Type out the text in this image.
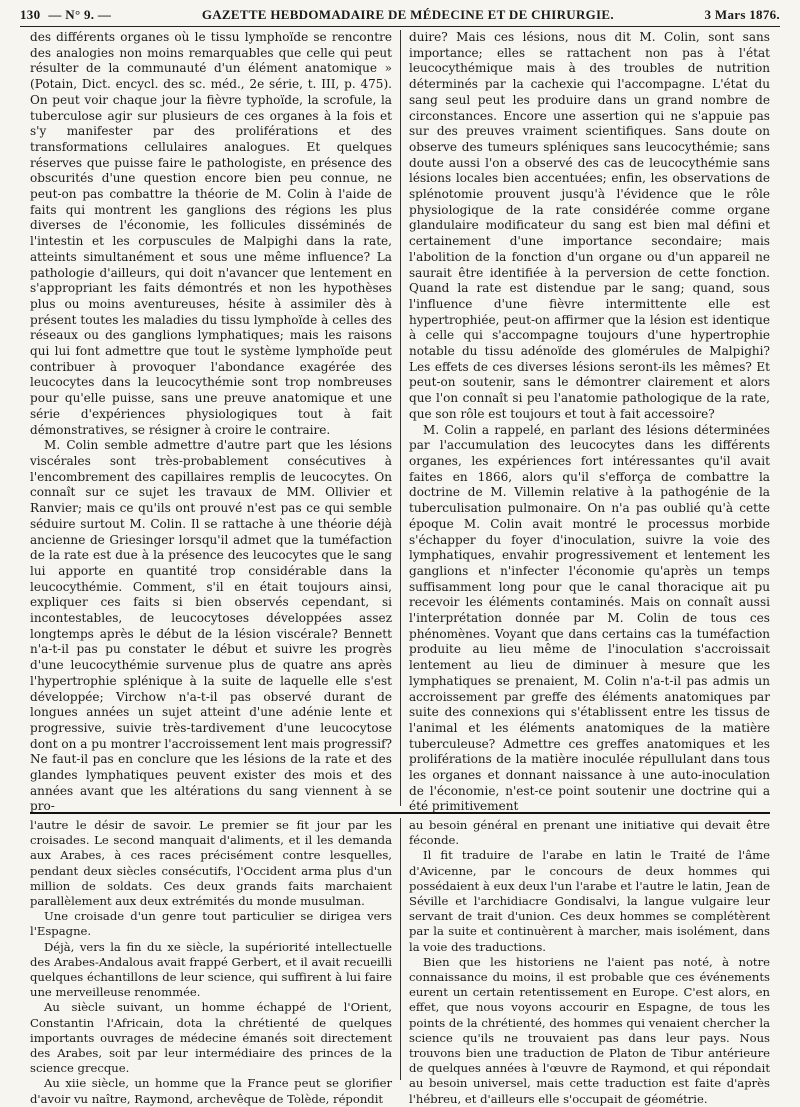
130 — N° 9. —	GAZETTE HEBDOMADAIRE DE MÉDECINE ET DE CHIRURGIE.	3 Mars 1876.

des différents organes où le tissu lymphoïde se rencontre des analogies non moins remarquables que celle qui peut résulter de la communauté d'un élément anatomique » (Potain, Dict. encycl. des sc. méd., 2e série, t. III, p. 475). On peut voir chaque jour la fièvre typhoïde, la scrofule, la tuberculose agir sur plusieurs de ces organes à la fois et s'y manifester par des proliférations et des transformations cellulaires analogues. Et quelques réserves que puisse faire le pathologiste, en présence des obscurités d'une question encore bien peu connue, ne peut-on pas combattre la théorie de M. Colin à l'aide de faits qui montrent les ganglions des régions les plus diverses de l'économie, les follicules disséminés de l'intestin et les corpuscules de Malpighi dans la rate, atteints simultanément et sous une même influence? La pathologie d'ailleurs, qui doit n'avancer que lentement en s'appropriant les faits démontrés et non les hypothèses plus ou moins aventureuses, hésite à assimiler dès à présent toutes les maladies du tissu lymphoïde à celles des réseaux ou des ganglions lymphatiques; mais les raisons qui lui font admettre que tout le système lymphoïde peut contribuer à provoquer l'abondance exagérée des leucocytes dans la leucocythémie sont trop nombreuses pour qu'elle puisse, sans une preuve anatomique et une série d'expériences physiologiques tout à fait démonstratives, se résigner à croire le contraire.

M. Colin semble admettre d'autre part que les lésions viscérales sont très-probablement consécutives à l'encombrement des capillaires remplis de leucocytes. On connaît sur ce sujet les travaux de MM. Ollivier et Ranvier; mais ce qu'ils ont prouvé n'est pas ce qui semble séduire surtout M. Colin. Il se rattache à une théorie déjà ancienne de Griesinger lorsqu'il admet que la tuméfaction de la rate est due à la présence des leucocytes que le sang lui apporte en quantité trop considérable dans la leucocythémie. Comment, s'il en était toujours ainsi, expliquer ces faits si bien observés cependant, si incontestables, de leucocytoses développées assez longtemps après le début de la lésion viscérale? Bennett n'a-t-il pas pu constater le début et suivre les progrès d'une leucocythémie survenue plus de quatre ans après l'hypertrophie splénique à la suite de laquelle elle s'est développée; Virchow n'a-t-il pas observé durant de longues années un sujet atteint d'une adénie lente et progressive, suivie très-tardivement d'une leucocytose dont on a pu montrer l'accroissement lent mais progressif? Ne faut-il pas en conclure que les lésions de la rate et des glandes lymphatiques peuvent exister des mois et des années avant que les altérations du sang viennent à se pro-

duire? Mais ces lésions, nous dit M. Colin, sont sans importance; elles se rattachent non pas à l'état leucocythémique mais à des troubles de nutrition déterminés par la cachexie qui l'accompagne. L'état du sang seul peut les produire dans un grand nombre de circonstances. Encore une assertion qui ne s'appuie pas sur des preuves vraiment scientifiques. Sans doute on observe des tumeurs spléniques sans leucocythémie; sans doute aussi l'on a observé des cas de leucocythémie sans lésions locales bien accentuées; enfin, les observations de splénotomie prouvent jusqu'à l'évidence que le rôle physiologique de la rate considérée comme organe glandulaire modificateur du sang est bien mal défini et certainement d'une importance secondaire; mais l'abolition de la fonction d'un organe ou d'un appareil ne saurait être identifiée à la perversion de cette fonction. Quand la rate est distendue par le sang; quand, sous l'influence d'une fièvre intermittente elle est hypertrophiée, peut-on affirmer que la lésion est identique à celle qui s'accompagne toujours d'une hypertrophie notable du tissu adénoïde des glomérules de Malpighi? Les effets de ces diverses lésions seront-ils les mêmes? Et peut-on soutenir, sans le démontrer clairement et alors que l'on connaît si peu l'anatomie pathologique de la rate, que son rôle est toujours et tout à fait accessoire?

M. Colin a rappelé, en parlant des lésions déterminées par l'accumulation des leucocytes dans les différents organes, les expériences fort intéressantes qu'il avait faites en 1866, alors qu'il s'efforça de combattre la doctrine de M. Villemin relative à la pathogénie de la tuberculisation pulmonaire. On n'a pas oublié qu'à cette époque M. Colin avait montré le processus morbide s'échapper du foyer d'inoculation, suivre la voie des lymphatiques, envahir progressivement et lentement les ganglions et n'infecter l'économie qu'après un temps suffisamment long pour que le canal thoracique ait pu recevoir les éléments contaminés. Mais on connaît aussi l'interprétation donnée par M. Colin de tous ces phénomènes. Voyant que dans certains cas la tuméfaction produite au lieu même de l'inoculation s'accroissait lentement au lieu de diminuer à mesure que les lymphatiques se prenaient, M. Colin n'a-t-il pas admis un accroissement par greffe des éléments anatomiques par suite des connexions qui s'établissent entre les tissus de l'animal et les éléments anatomiques de la matière tuberculeuse? Admettre ces greffes anatomiques et les proliférations de la matière inoculée répullulant dans tous les organes et donnant naissance à une auto-inoculation de l'économie, n'est-ce point soutenir une doctrine qui a été primitivement

l'autre le désir de savoir. Le premier se fit jour par les croisades. Le second manquait d'aliments, et il les demanda aux Arabes, à ces races précisément contre lesquelles, pendant deux siècles consécutifs, l'Occident arma plus d'un million de soldats. Ces deux grands faits marchaient parallèlement aux deux extrémités du monde musulman.

Une croisade d'un genre tout particulier se dirigea vers l'Espagne.

Déjà, vers la fin du xe siècle, la supériorité intellectuelle des Arabes-Andalous avait frappé Gerbert, et il avait recueilli quelques échantillons de leur science, qui suffirent à lui faire une merveilleuse renommée.

Au siècle suivant, un homme échappé de l'Orient, Constantin l'Africain, dota la chrétienté de quelques importants ouvrages de médecine émanés soit directement des Arabes, soit par leur intermédiaire des princes de la science grecque.

Au xiie siècle, un homme que la France peut se glorifier d'avoir vu naître, Raymond, archevêque de Tolède, répondit

au besoin général en prenant une initiative qui devait être féconde.

Il fit traduire de l'arabe en latin le Traité de l'âme d'Avicenne, par le concours de deux hommes qui possédaient à eux deux l'un l'arabe et l'autre le latin, Jean de Séville et l'archidiacre Gondisalvi, la langue vulgaire leur servant de trait d'union. Ces deux hommes se complétèrent par la suite et continuèrent à marcher, mais isolément, dans la voie des traductions.

Bien que les historiens ne l'aient pas noté, à notre connaissance du moins, il est probable que ces événements eurent un certain retentissement en Europe. C'est alors, en effet, que nous voyons accourir en Espagne, de tous les points de la chrétienté, des hommes qui venaient chercher la science qu'ils ne trouvaient pas dans leur pays. Nous trouvons bien une traduction de Platon de Tibur antérieure de quelques années à l'œuvre de Raymond, et qui répondait au besoin universel, mais cette traduction est faite d'après l'hébreu, et d'ailleurs elle s'occupait de géométrie.
